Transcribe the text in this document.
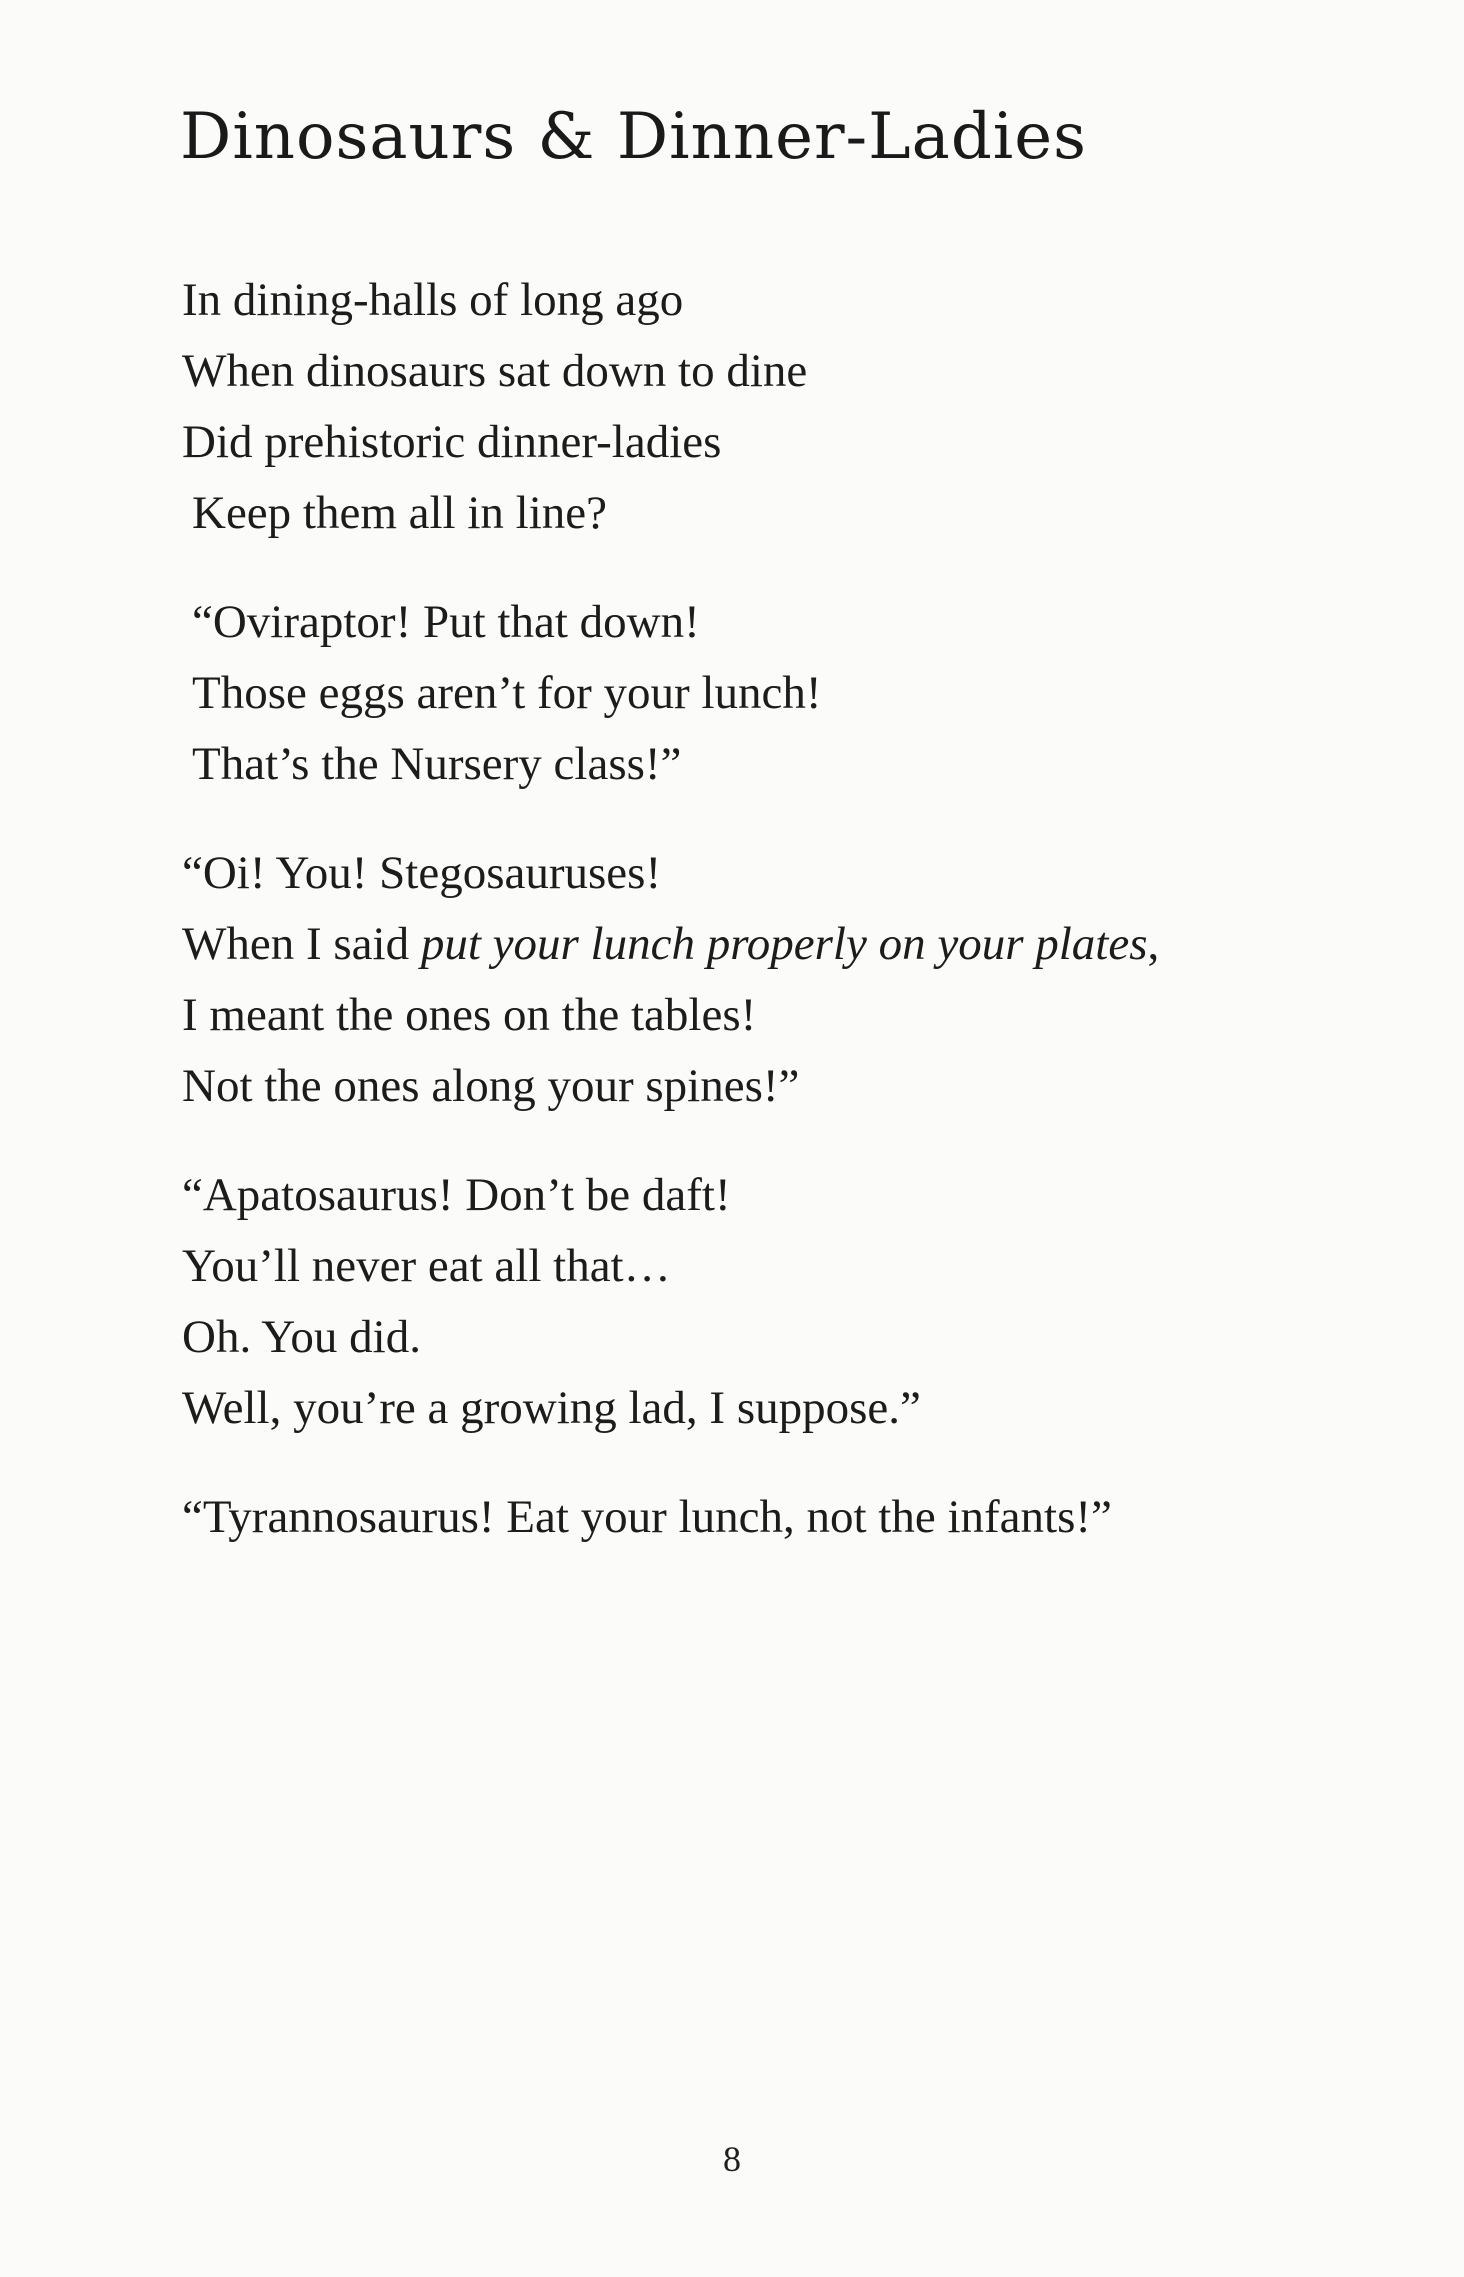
Dinosaurs & Dinner-Ladies
In dining-halls of long ago
When dinosaurs sat down to dine
Did prehistoric dinner-ladies
Keep them all in line?
“Oviraptor! Put that down!
Those eggs aren’t for your lunch!
That’s the Nursery class!”
“Oi! You! Stegosauruses!
When I said put your lunch properly on your plates,
I meant the ones on the tables!
Not the ones along your spines!”
“Apatosaurus! Don’t be daft!
You’ll never eat all that…
Oh. You did.
Well, you’re a growing lad, I suppose.”
“Tyrannosaurus! Eat your lunch, not the infants!”
8
